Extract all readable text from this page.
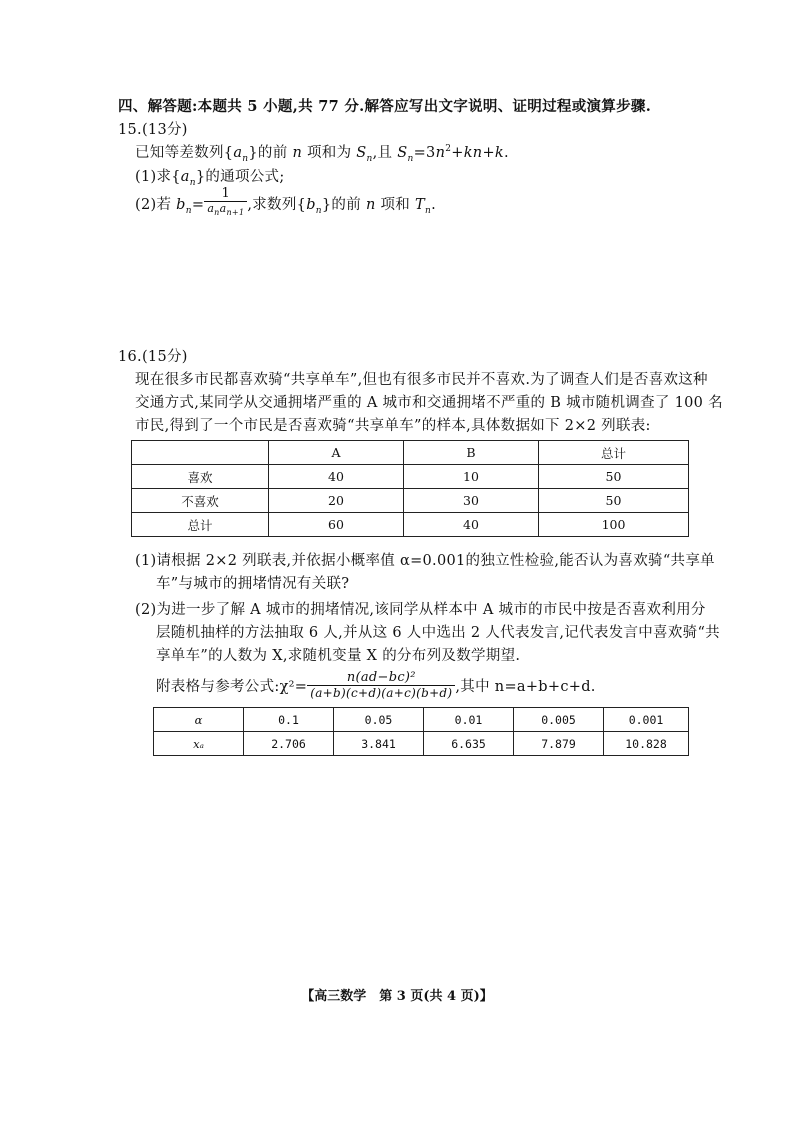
四、解答题:本题共 5 小题,共 77 分.解答应写出文字说明、证明过程或演算步骤.
15.(13分)
已知等差数列$\{a_n\}$的前 n 项和为 $S_n$,且 $S_n=3n^2+kn+k$.
(1)求$\{a_n\}$的通项公式;
(2)若 $b_n= \frac{1}{a_na_{n+1}}$ ,求数列$\{b_n\}$的前 n 项和 $T_n$.
16.(15分)
现在很多市民都喜欢骑“共享单车”,但也有很多市民并不喜欢.为了调查人们是否喜欢这种
交通方式,某同学从交通拥堵严重的 A 城市和交通拥堵不严重的 B 城市随机调查了 100 名
市民,得到了一个市民是否喜欢骑“共享单车”的样本,具体数据如下 2×2 列联表:
	A	B	总计
喜欢	40	10	50
不喜欢	20	30	50
总计	60	40	100
(1)请根据 2×2 列联表,并依据小概率值 α=0.001的独立性检验,能否认为喜欢骑“共享单
车”与城市的拥堵情况有关联?
(2)为进一步了解 A 城市的拥堵情况,该同学从样本中 A 城市的市民中按是否喜欢利用分
层随机抽样的方法抽取 6 人,并从这 6 人中选出 2 人代表发言,记代表发言中喜欢骑“共
享单车”的人数为 X,求随机变量 X 的分布列及数学期望.
附表格与参考公式:χ²= $\frac{\text{n(ad−bc)²}}{(a+b)(c+d)(a+c)(b+d)}$ ,其中 n=a+b+c+d.
α	0.1	0.05	0.01	0.005	0.001
xₐ	2.706	3.841	6.635	7.879	10.828
【高三数学　第 3 页(共 4 页)】
